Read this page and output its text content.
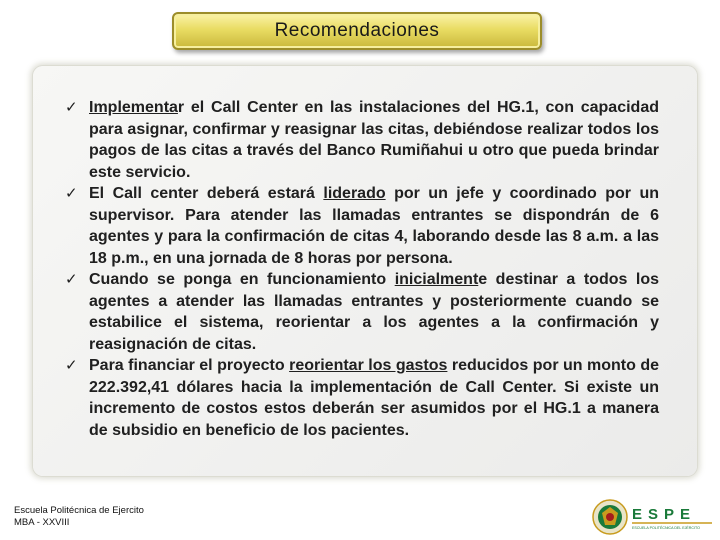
Recomendaciones
✓ Implementar el Call Center en las instalaciones del HG.1, con capacidad para asignar, confirmar y reasignar las citas, debiéndose realizar todos los pagos de las citas a través del Banco Rumiñahui u otro que pueda brindar este servicio.
✓ El Call center deberá estará liderado por un jefe y coordinado por un supervisor. Para atender las llamadas entrantes se dispondrán de 6 agentes y para la confirmación de citas 4, laborando desde las 8 a.m. a las 18 p.m., en una jornada de 8 horas por persona.
✓ Cuando se ponga en funcionamiento inicialmente destinar a todos los agentes a atender las llamadas entrantes y posteriormente cuando se estabilice el sistema, reorientar a los agentes a la confirmación y reasignación de citas.
✓ Para financiar el proyecto reorientar los gastos reducidos por un monto de 222.392,41 dólares hacia la implementación de Call Center. Si existe un incremento de costos estos deberán ser asumidos por el HG.1 a manera de subsidio en beneficio de los pacientes.
Escuela Politécnica de Ejercito
MBA - XXVIII	ESPE
ESCUELA POLITÉCNICA DEL EJÉRCITO
